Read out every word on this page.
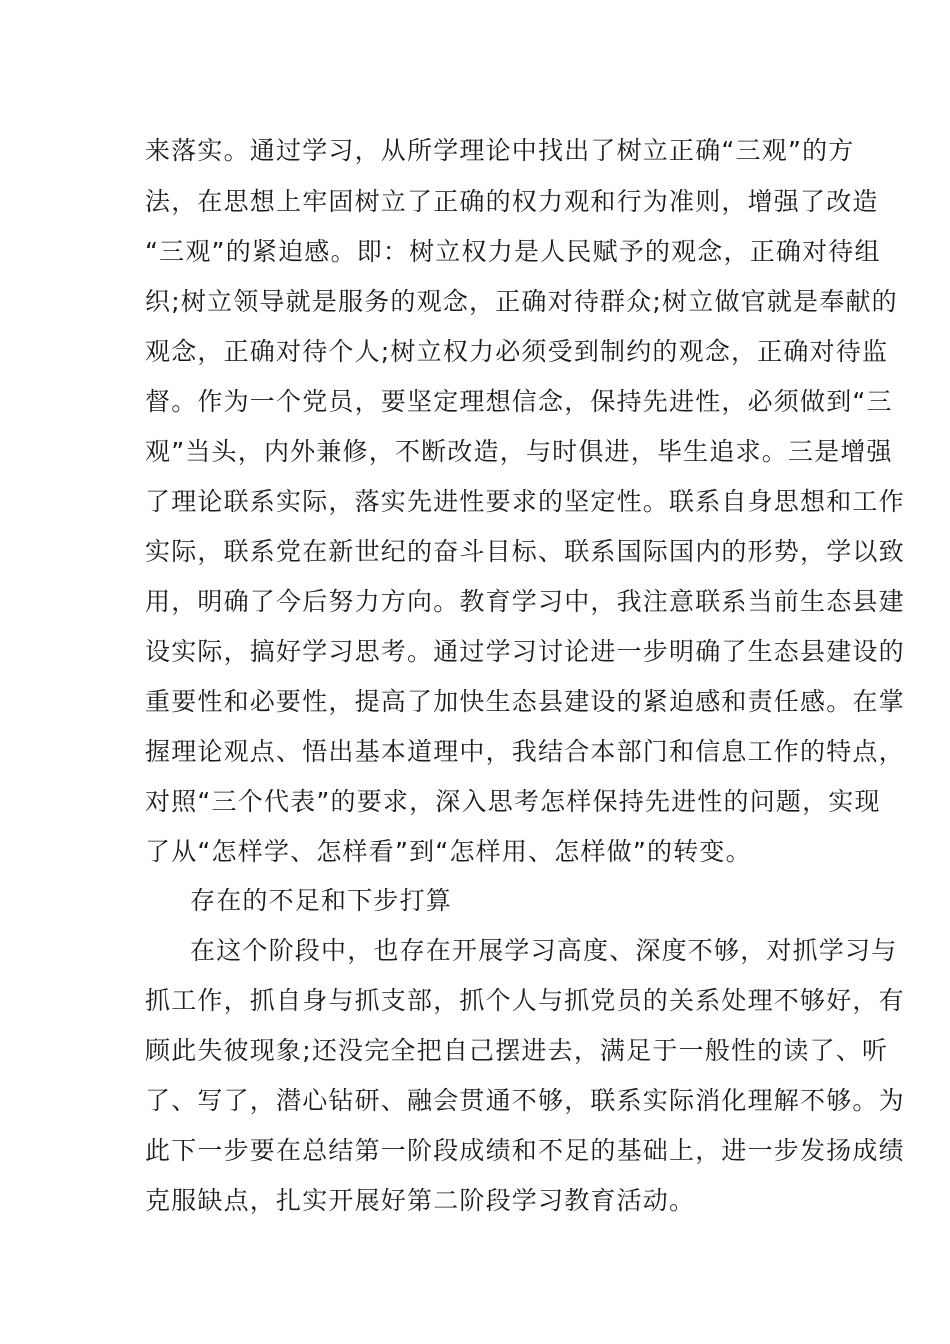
来落实。通过学习，从所学理论中找出了树立正确“三观”的方
法，在思想上牢固树立了正确的权力观和行为准则，增强了改造
“三观”的紧迫感。即：树立权力是人民赋予的观念，正确对待组
织;树立领导就是服务的观念，正确对待群众;树立做官就是奉献的
观念，正确对待个人;树立权力必须受到制约的观念，正确对待监
督。作为一个党员，要坚定理想信念，保持先进性，必须做到“三
观”当头，内外兼修，不断改造，与时俱进，毕生追求。三是增强
了理论联系实际，落实先进性要求的坚定性。联系自身思想和工作
实际，联系党在新世纪的奋斗目标、联系国际国内的形势，学以致
用，明确了今后努力方向。教育学习中，我注意联系当前生态县建
设实际，搞好学习思考。通过学习讨论进一步明确了生态县建设的
重要性和必要性，提高了加快生态县建设的紧迫感和责任感。在掌
握理论观点、悟出基本道理中，我结合本部门和信息工作的特点，
对照“三个代表”的要求，深入思考怎样保持先进性的问题，实现
了从“怎样学、怎样看”到“怎样用、怎样做”的转变。
存在的不足和下步打算
在这个阶段中，也存在开展学习高度、深度不够，对抓学习与
抓工作，抓自身与抓支部，抓个人与抓党员的关系处理不够好，有
顾此失彼现象;还没完全把自己摆进去，满足于一般性的读了、听
了、写了，潜心钻研、融会贯通不够，联系实际消化理解不够。为
此下一步要在总结第一阶段成绩和不足的基础上，进一步发扬成绩
克服缺点，扎实开展好第二阶段学习教育活动。
